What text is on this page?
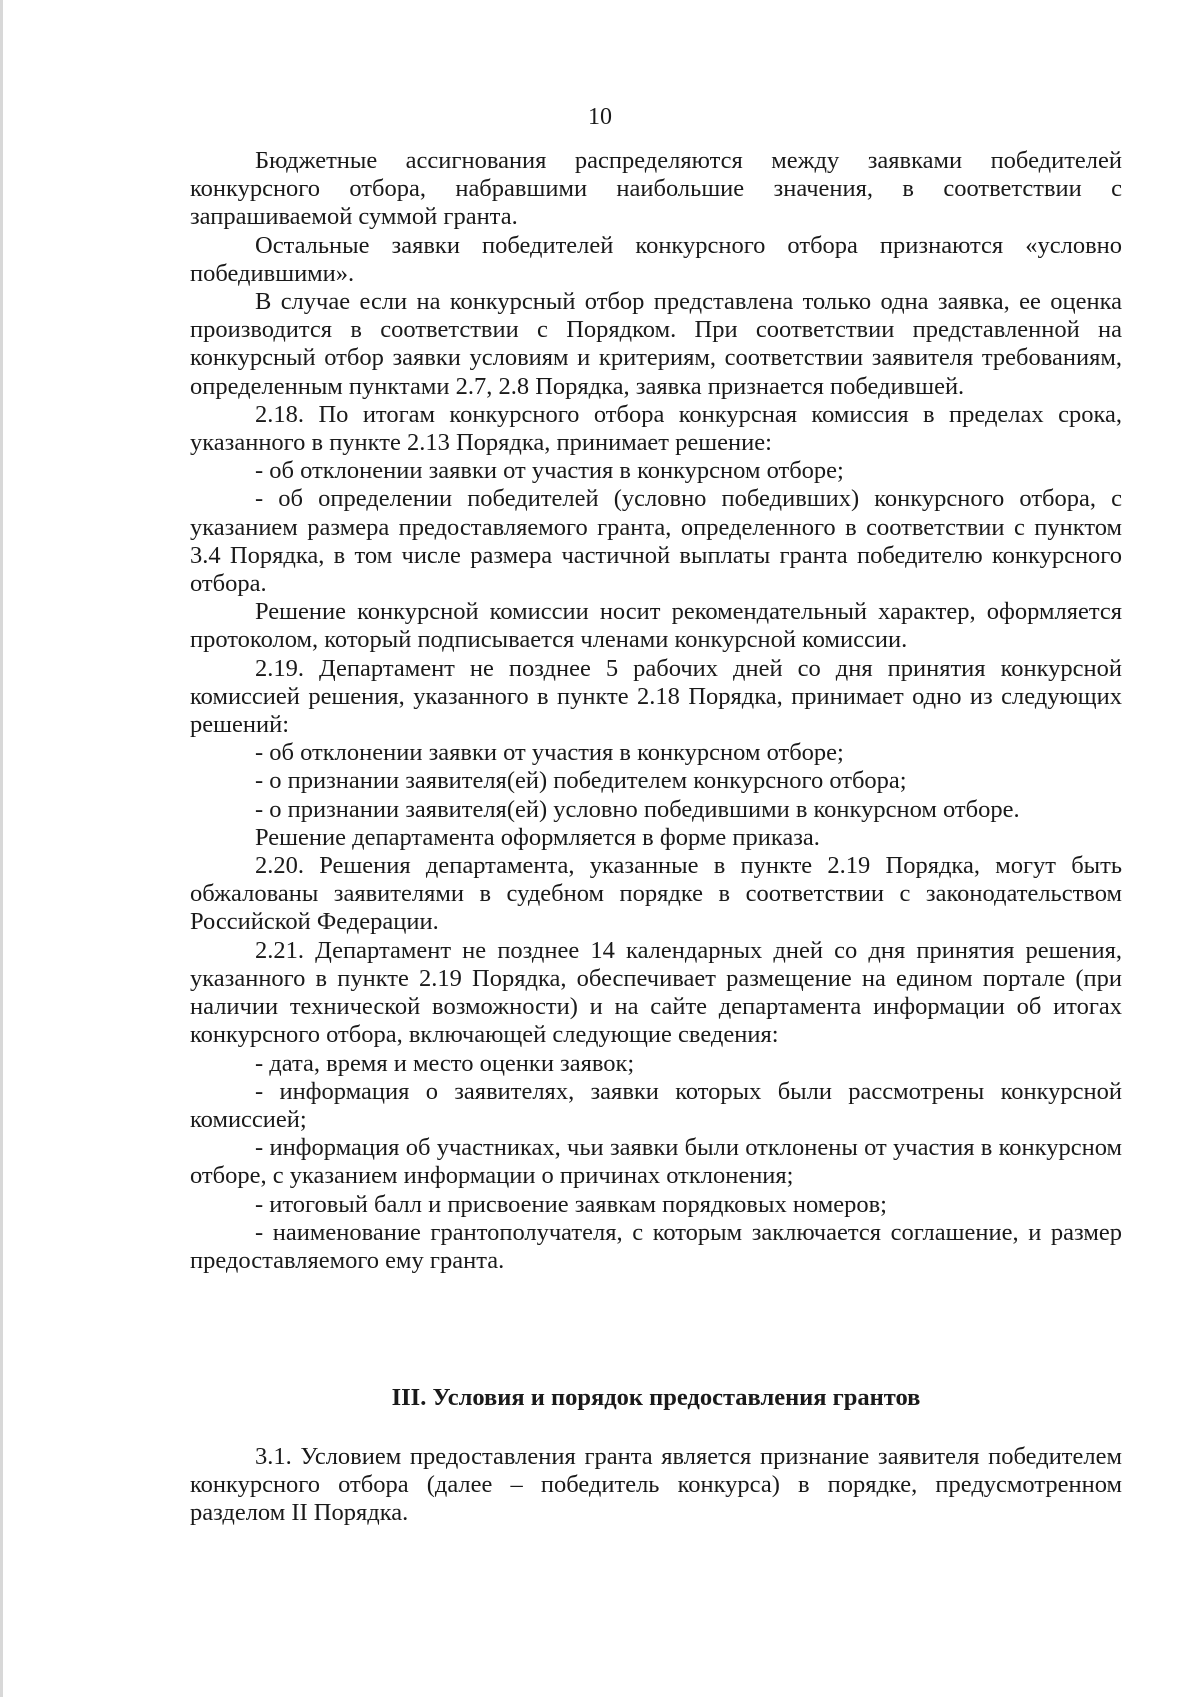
10

Бюджетные ассигнования распределяются между заявками победителей конкурсного отбора, набравшими наибольшие значения, в соответствии с запрашиваемой суммой гранта.

Остальные заявки победителей конкурсного отбора признаются «условно победившими».

В случае если на конкурсный отбор представлена только одна заявка, ее оценка производится в соответствии с Порядком. При соответствии представленной на конкурсный отбор заявки условиям и критериям, соответствии заявителя требованиям, определенным пунктами 2.7, 2.8 Порядка, заявка признается победившей.

2.18. По итогам конкурсного отбора конкурсная комиссия в пределах срока, указанного в пункте 2.13 Порядка, принимает решение:

- об отклонении заявки от участия в конкурсном отборе;

- об определении победителей (условно победивших) конкурсного отбора, с указанием размера предоставляемого гранта, определенного в соответствии с пунктом 3.4 Порядка, в том числе размера частичной выплаты гранта победителю конкурсного отбора.

Решение конкурсной комиссии носит рекомендательный характер, оформляется протоколом, который подписывается членами конкурсной комиссии.

2.19. Департамент не позднее 5 рабочих дней со дня принятия конкурсной комиссией решения, указанного в пункте 2.18 Порядка, принимает одно из следующих решений:

- об отклонении заявки от участия в конкурсном отборе;

- о признании заявителя(ей) победителем конкурсного отбора;

- о признании заявителя(ей) условно победившими в конкурсном отборе.

Решение департамента оформляется в форме приказа.

2.20. Решения департамента, указанные в пункте 2.19 Порядка, могут быть обжалованы заявителями в судебном порядке в соответствии с законодательством Российской Федерации.

2.21. Департамент не позднее 14 календарных дней со дня принятия решения, указанного в пункте 2.19 Порядка, обеспечивает размещение на едином портале (при наличии технической возможности) и на сайте департамента информации об итогах конкурсного отбора, включающей следующие сведения:

- дата, время и место оценки заявок;

- информация о заявителях, заявки которых были рассмотрены конкурсной комиссией;

- информация об участниках, чьи заявки были отклонены от участия в конкурсном отборе, с указанием информации о причинах отклонения;

- итоговый балл и присвоение заявкам порядковых номеров;

- наименование грантополучателя, с которым заключается соглашение, и размер предоставляемого ему гранта.

III. Условия и порядок предоставления грантов

3.1. Условием предоставления гранта является признание заявителя победителем конкурсного отбора (далее – победитель конкурса) в порядке, предусмотренном разделом II Порядка.
